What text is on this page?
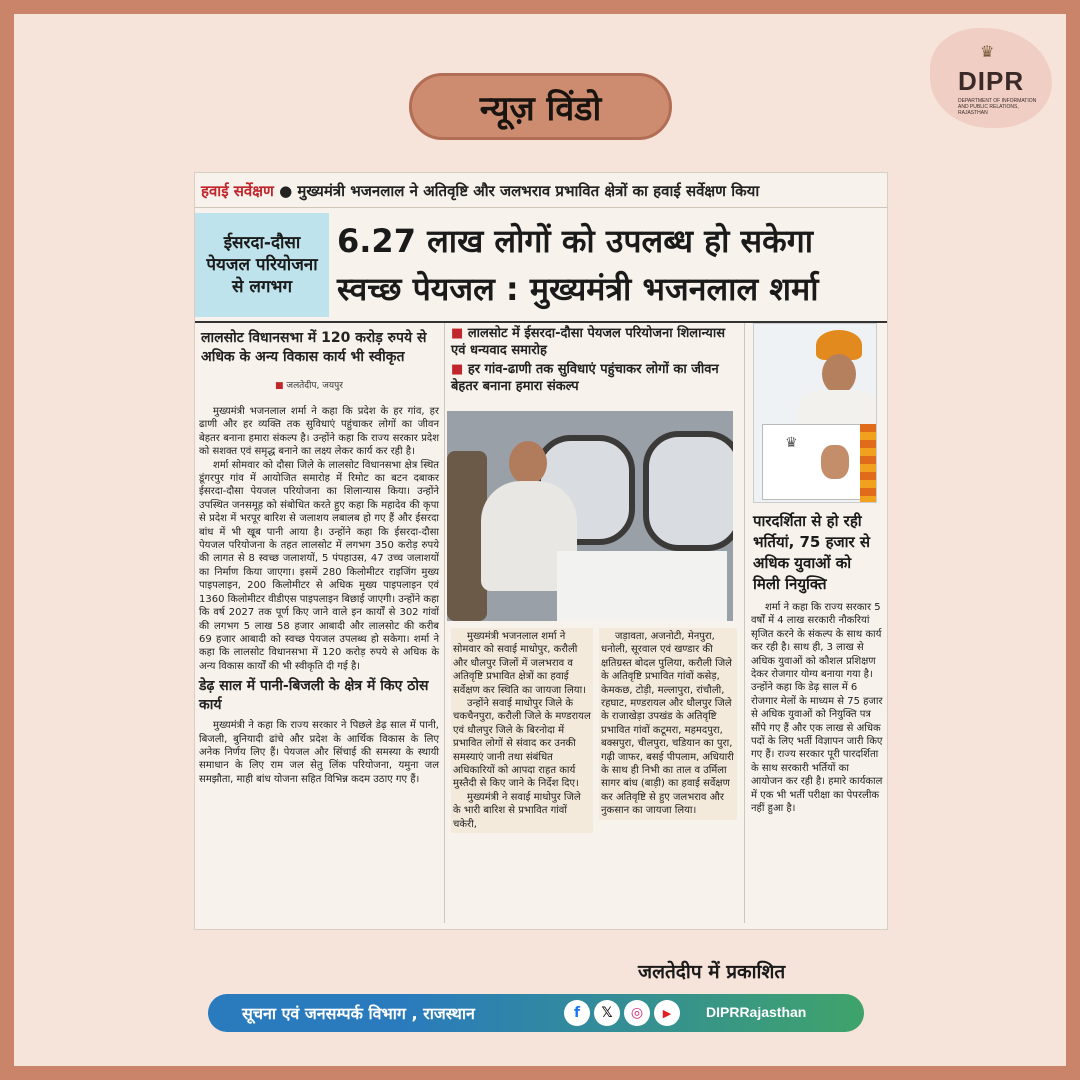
♛
DIPR
DEPARTMENT OF INFORMATION AND PUBLIC RELATIONS, RAJASTHAN
न्यूज़ विंडो
हवाई सर्वेक्षण ● मुख्यमंत्री भजनलाल ने अतिवृष्टि और जलभराव प्रभावित क्षेत्रों का हवाई सर्वेक्षण किया
ईसरदा-दौसा पेयजल परियोजना से लगभग
6.27 लाख लोगों को उपलब्ध हो सकेगा
स्वच्छ पेयजल : मुख्यमंत्री भजनलाल शर्मा
लालसोट विधानसभा में 120 करोड़ रुपये से अधिक के अन्य विकास कार्य भी स्वीकृत
■ जलतेदीप, जयपुर
■ लालसोट में ईसरदा-दौसा पेयजल परियोजना शिलान्यास एवं धन्यवाद समारोह
■ हर गांव-ढाणी तक सुविधाएं पहुंचाकर लोगों का जीवन बेहतर बनाना हमारा संकल्प

मुख्यमंत्री भजनलाल शर्मा ने कहा कि प्रदेश के हर गांव, हर ढाणी और हर व्यक्ति तक सुविधाएं पहुंचाकर लोगों का जीवन बेहतर बनाना हमारा संकल्प है। उन्होंने कहा कि राज्य सरकार प्रदेश को सशक्त एवं समृद्ध बनाने का लक्ष्य लेकर कार्य कर रही है।

शर्मा सोमवार को दौसा जिले के लालसोट विधानसभा क्षेत्र स्थित डूंगरपुर गांव में आयोजित समारोह में रिमोट का बटन दबाकर ईसरदा-दौसा पेयजल परियोजना का शिलान्यास किया। उन्होंने उपस्थित जनसमूह को संबोधित करते हुए कहा कि महादेव की कृपा से प्रदेश में भरपूर बारिश से जलाशय लबालब हो गए हैं और ईसरदा बांध में भी खूब पानी आया है। उन्होंने कहा कि ईसरदा-दौसा पेयजल परियोजना के तहत लालसोट में लगभग 350 करोड़ रुपये की लागत से 8 स्वच्छ जलाशयों, 5 पंपहाउस, 47 उच्च जलाशयों का निर्माण किया जाएगा। इसमें 280 किलोमीटर राइजिंग मुख्य पाइपलाइन, 200 किलोमीटर से अधिक मुख्य पाइपलाइन एवं 1360 किलोमीटर वीडीएस पाइपलाइन बिछाई जाएगी। उन्होंने कहा कि वर्ष 2027 तक पूर्ण किए जाने वाले इन कार्यों से 302 गांवों की लगभग 5 लाख 58 हजार आबादी और लालसोट की करीब 69 हजार आबादी को स्वच्छ पेयजल उपलब्ध हो सकेगा। शर्मा ने कहा कि लालसोट विधानसभा में 120 करोड़ रुपये से अधिक के अन्य विकास कार्यों की भी स्वीकृति दी गई है।

डेढ़ साल में पानी-बिजली के क्षेत्र में किए ठोस कार्य

मुख्यमंत्री ने कहा कि राज्य सरकार ने पिछले डेढ़ साल में पानी, बिजली, बुनियादी ढांचे और प्रदेश के आर्थिक विकास के लिए अनेक निर्णय लिए हैं। पेयजल और सिंचाई की समस्या के स्थायी समाधान के लिए राम जल सेतु लिंक परियोजना, यमुना जल समझौता, माही बांध योजना सहित विभिन्न कदम उठाए गए हैं।

मुख्यमंत्री भजनलाल शर्मा ने सोमवार को सवाई माधोपुर, करौली और धौलपुर जिलों में जलभराव व अतिवृष्टि प्रभावित क्षेत्रों का हवाई सर्वेक्षण कर स्थिति का जायजा लिया।

उन्होंने सवाई माधोपुर जिले के चकचैनपुरा, करौली जिले के मण्डरायल एवं धौलपुर जिले के बिरनोदा में प्रभावित लोगों से संवाद कर उनकी समस्याएं जानी तथा संबंधित अधिकारियों को आपदा राहत कार्य मुस्तैदी से किए जाने के निर्देश दिए।

मुख्यमंत्री ने सवाई माधोपुर जिले के भारी बारिश से प्रभावित गांवों चकेरी,

जड़ावता, अजनोटी, मेनपुरा, धनोली, सूरवाल एवं खण्डार की क्षतिग्रस्त बोदल पुलिया, करौली जिले के अतिवृष्टि प्रभावित गांवों कसेड़, केमकछ, टोड़ी, मल्लापुरा, रांचौली, रहघाट, मण्डरायल और धौलपुर जिले के राजाखेड़ा उपखंड के अतिवृष्टि प्रभावित गांवों कटूमरा, महमदपुरा, बक्सपुरा, चीलपुरा, चडियान का पुरा, गढ़ी जाफर, बसई पीपलाम, अधियारी के साथ ही निभी का ताल व उर्मिला सागर बांध (बाड़ी) का हवाई सर्वेक्षण कर अतिवृष्टि से हुए जलभराव और नुकसान का जायजा लिया।

♛
पारदर्शिता से हो रही भर्तियां, 75 हजार से अधिक युवाओं को मिली नियुक्ति

शर्मा ने कहा कि राज्य सरकार 5 वर्षों में 4 लाख सरकारी नौकरियां सृजित करने के संकल्प के साथ कार्य कर रही है। साथ ही, 3 लाख से अधिक युवाओं को कौशल प्रशिक्षण देकर रोजगार योग्य बनाया गया है। उन्होंने कहा कि डेढ़ साल में 6 रोजगार मेलों के माध्यम से 75 हजार से अधिक युवाओं को नियुक्ति पत्र सौंपे गए हैं और एक लाख से अधिक पदों के लिए भर्ती विज्ञापन जारी किए गए हैं। राज्य सरकार पूरी पारदर्शिता के साथ सरकारी भर्तियों का आयोजन कर रही है। हमारे कार्यकाल में एक भी भर्ती परीक्षा का पेपरलीक नहीं हुआ है।

जलतेदीप में प्रकाशित
सूचना एवं जनसम्पर्क विभाग , राजस्थान	f	𝕏	◎	▶	DIPRRajasthan
